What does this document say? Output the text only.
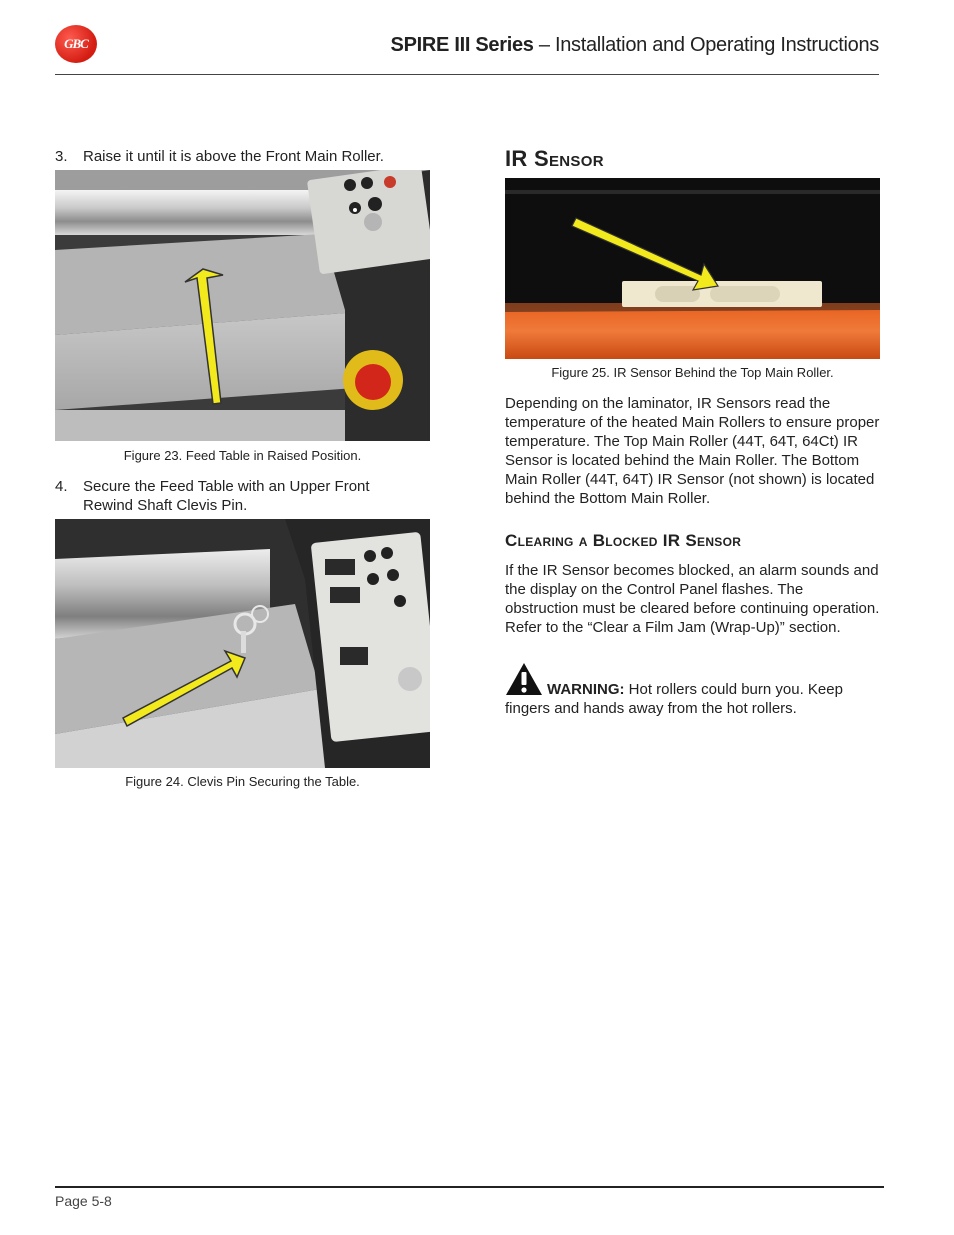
GBC	SPIRE III Series – Installation and Operating Instructions
3. Raise it until it is above the Front Main Roller.
Figure 23. Feed Table in Raised Position.
4. Secure the Feed Table with an Upper Front Rewind Shaft Clevis Pin.
Figure 24. Clevis Pin Securing the Table.
IR Sensor
Figure 25. IR Sensor Behind the Top Main Roller.
Depending on the laminator, IR Sensors read the temperature of the heated Main Rollers to ensure proper temperature. The Top Main Roller (44T, 64T, 64Ct) IR Sensor is located behind the Main Roller. The Bottom Main Roller (44T, 64T) IR Sensor (not shown) is located behind the Bottom Main Roller.
Clearing a Blocked IR Sensor
If the IR Sensor becomes blocked, an alarm sounds and the display on the Control Panel flashes. The obstruction must be cleared before continuing operation. Refer to the “Clear a Film Jam (Wrap-Up)” section.
WARNING: Hot rollers could burn you. Keep fingers and hands away from the hot rollers.
Page 5-8
